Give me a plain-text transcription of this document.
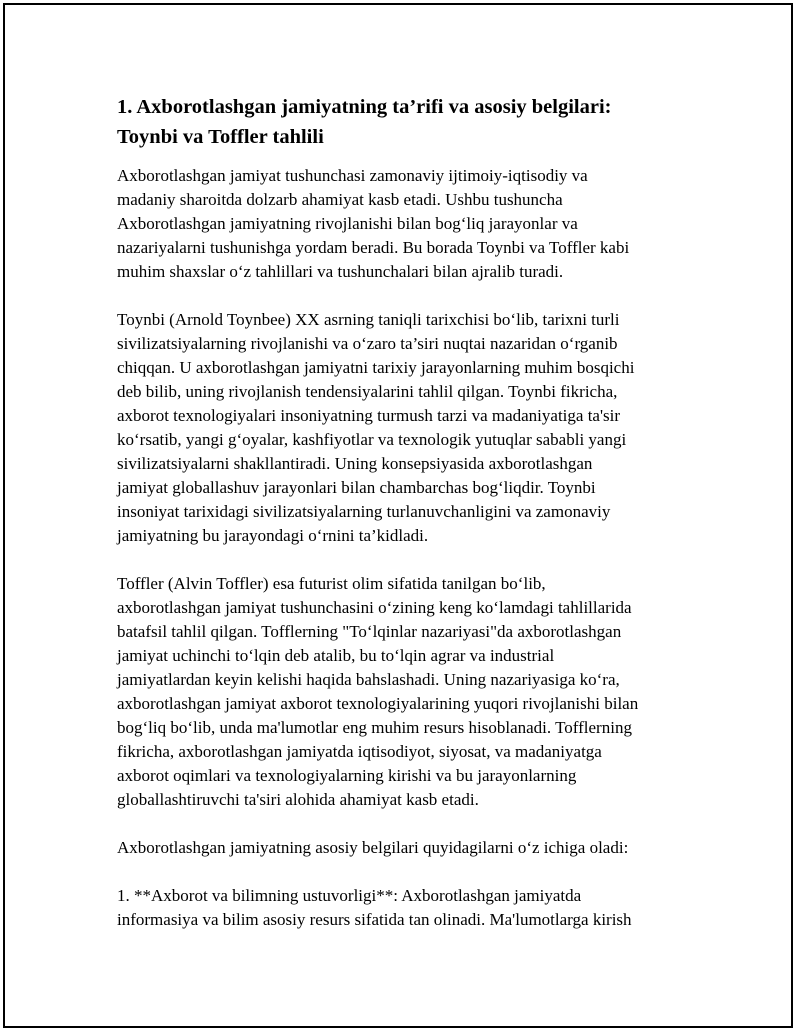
1. Axborotlashgan jamiyatning ta’rifi va asosiy belgilari:
Toynbi va Toffler tahlili
Axborotlashgan jamiyat tushunchasi zamonaviy ijtimoiy-iqtisodiy va
madaniy sharoitda dolzarb ahamiyat kasb etadi. Ushbu tushuncha
Axborotlashgan jamiyatning rivojlanishi bilan bog‘liq jarayonlar va
nazariyalarni tushunishga yordam beradi. Bu borada Toynbi va Toffler kabi
muhim shaxslar o‘z tahlillari va tushunchalari bilan ajralib turadi.
Toynbi (Arnold Toynbee) XX asrning taniqli tarixchisi bo‘lib, tarixni turli
sivilizatsiyalarning rivojlanishi va o‘zaro ta’siri nuqtai nazaridan o‘rganib
chiqqan. U axborotlashgan jamiyatni tarixiy jarayonlarning muhim bosqichi
deb bilib, uning rivojlanish tendensiyalarini tahlil qilgan. Toynbi fikricha,
axborot texnologiyalari insoniyatning turmush tarzi va madaniyatiga ta'sir
ko‘rsatib, yangi g‘oyalar, kashfiyotlar va texnologik yutuqlar sababli yangi
sivilizatsiyalarni shakllantiradi. Uning konsepsiyasida axborotlashgan
jamiyat globallashuv jarayonlari bilan chambarchas bog‘liqdir. Toynbi
insoniyat tarixidagi sivilizatsiyalarning turlanuvchanligini va zamonaviy
jamiyatning bu jarayondagi o‘rnini ta’kidladi.
Toffler (Alvin Toffler) esa futurist olim sifatida tanilgan bo‘lib,
axborotlashgan jamiyat tushunchasini o‘zining keng ko‘lamdagi tahlillarida
batafsil tahlil qilgan. Tofflerning "To‘lqinlar nazariyasi"da axborotlashgan
jamiyat uchinchi to‘lqin deb atalib, bu to‘lqin agrar va industrial
jamiyatlardan keyin kelishi haqida bahslashadi. Uning nazariyasiga ko‘ra,
axborotlashgan jamiyat axborot texnologiyalarining yuqori rivojlanishi bilan
bog‘liq bo‘lib, unda ma'lumotlar eng muhim resurs hisoblanadi. Tofflerning
fikricha, axborotlashgan jamiyatda iqtisodiyot, siyosat, va madaniyatga
axborot oqimlari va texnologiyalarning kirishi va bu jarayonlarning
globallashtiruvchi ta'siri alohida ahamiyat kasb etadi.
Axborotlashgan jamiyatning asosiy belgilari quyidagilarni o‘z ichiga oladi:
1. **Axborot va bilimning ustuvorligi**: Axborotlashgan jamiyatda
informasiya va bilim asosiy resurs sifatida tan olinadi. Ma'lumotlarga kirish
